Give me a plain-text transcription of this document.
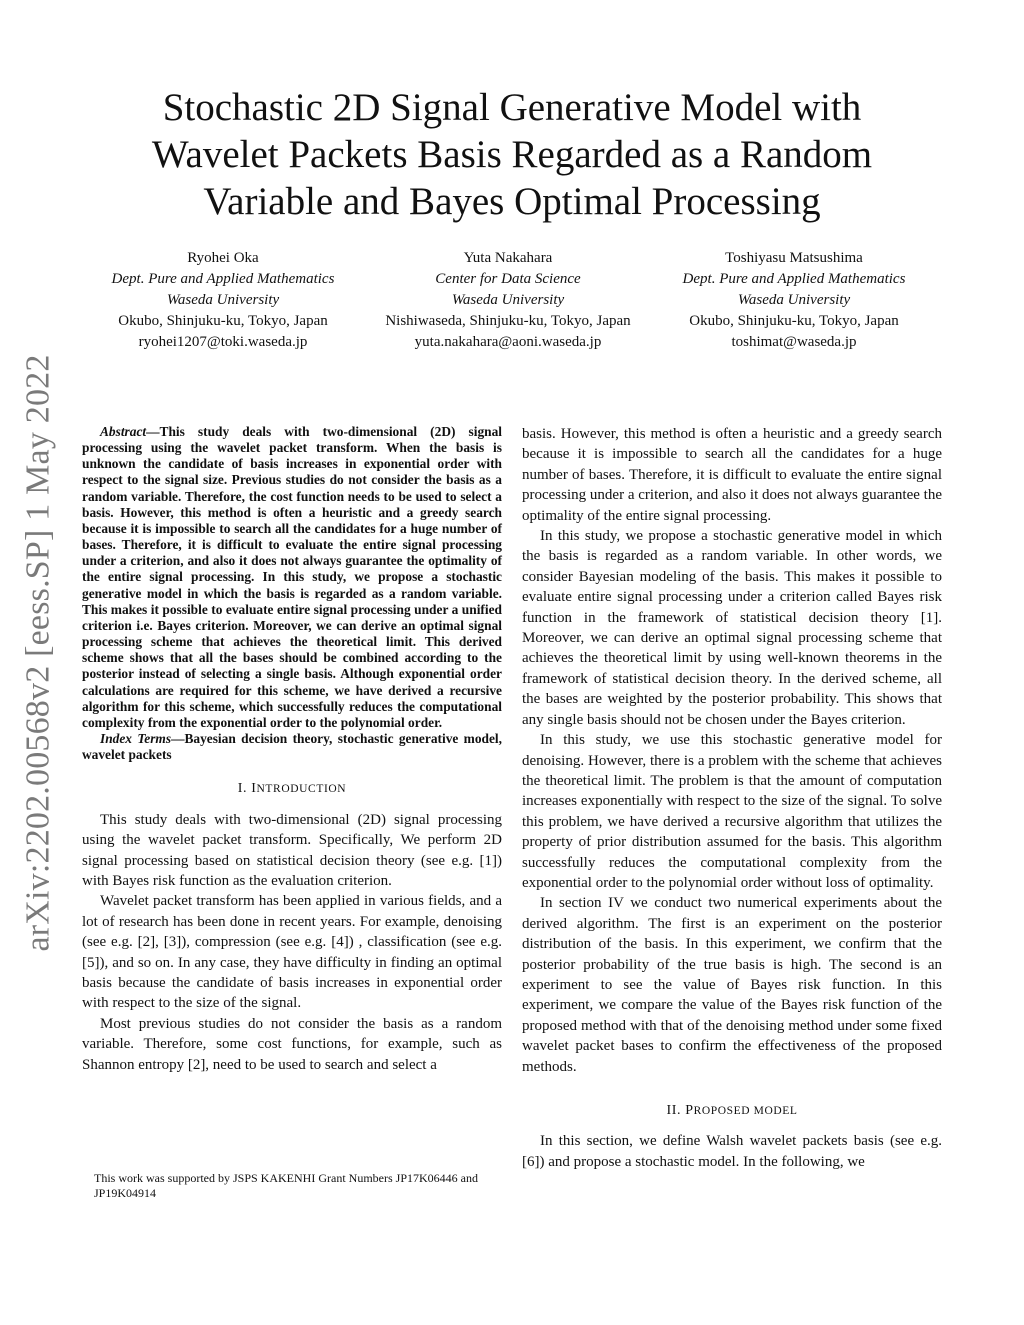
arXiv:2202.00568v2 [eess.SP] 1 May 2022
Stochastic 2D Signal Generative Model with
Wavelet Packets Basis Regarded as a Random
Variable and Bayes Optimal Processing
Ryohei Oka
Dept. Pure and Applied Mathematics
Waseda University
Okubo, Shinjuku-ku, Tokyo, Japan
ryohei1207@toki.waseda.jp
Yuta Nakahara
Center for Data Science
Waseda University
Nishiwaseda, Shinjuku-ku, Tokyo, Japan
yuta.nakahara@aoni.waseda.jp
Toshiyasu Matsushima
Dept. Pure and Applied Mathematics
Waseda University
Okubo, Shinjuku-ku, Tokyo, Japan
toshimat@waseda.jp

Abstract—This study deals with two-dimensional (2D) signal processing using the wavelet packet transform. When the basis is unknown the candidate of basis increases in exponential order with respect to the signal size. Previous studies do not consider the basis as a random variable. Therefore, the cost function needs to be used to select a basis. However, this method is often a heuristic and a greedy search because it is impossible to search all the candidates for a huge number of bases. Therefore, it is difficult to evaluate the entire signal processing under a criterion, and also it does not always guarantee the optimality of the entire signal processing. In this study, we propose a stochastic generative model in which the basis is regarded as a random variable. This makes it possible to evaluate entire signal processing under a unified criterion i.e. Bayes criterion. Moreover, we can derive an optimal signal processing scheme that achieves the theoretical limit. This derived scheme shows that all the bases should be combined according to the posterior instead of selecting a single basis. Although exponential order calculations are required for this scheme, we have derived a recursive algorithm for this scheme, which successfully reduces the computational complexity from the exponential order to the polynomial order.

Index Terms—Bayesian decision theory, stochastic generative model, wavelet packets

I. INTRODUCTION

This study deals with two-dimensional (2D) signal processing using the wavelet packet transform. Specifically, We perform 2D signal processing based on statistical decision theory (see e.g. [1]) with Bayes risk function as the evaluation criterion.

Wavelet packet transform has been applied in various fields, and a lot of research has been done in recent years. For example, denoising (see e.g. [2], [3]), compression (see e.g. [4]) , classification (see e.g. [5]), and so on. In any case, they have difficulty in finding an optimal basis because the candidate of basis increases in exponential order with respect to the size of the signal.

Most previous studies do not consider the basis as a random variable. Therefore, some cost functions, for example, such as Shannon entropy [2], need to be used to search and select a

This work was supported by JSPS KAKENHI Grant Numbers JP17K06446 and JP19K04914

basis. However, this method is often a heuristic and a greedy search because it is impossible to search all the candidates for a huge number of bases. Therefore, it is difficult to evaluate the entire signal processing under a criterion, and also it does not always guarantee the optimality of the entire signal processing.

In this study, we propose a stochastic generative model in which the basis is regarded as a random variable. In other words, we consider Bayesian modeling of the basis. This makes it possible to evaluate entire signal processing under a criterion called Bayes risk function in the framework of statistical decision theory [1]. Moreover, we can derive an optimal signal processing scheme that achieves the theoretical limit by using well-known theorems in the framework of statistical decision theory. In the derived scheme, all the bases are weighted by the posterior probability. This shows that any single basis should not be chosen under the Bayes criterion.

In this study, we use this stochastic generative model for denoising. However, there is a problem with the scheme that achieves the theoretical limit. The problem is that the amount of computation increases exponentially with respect to the size of the signal. To solve this problem, we have derived a recursive algorithm that utilizes the property of prior distribution assumed for the basis. This algorithm successfully reduces the computational complexity from the exponential order to the polynomial order without loss of optimality.

In section IV we conduct two numerical experiments about the derived algorithm. The first is an experiment on the posterior distribution of the basis. In this experiment, we confirm that the posterior probability of the true basis is high. The second is an experiment to see the value of Bayes risk function. In this experiment, we compare the value of the Bayes risk function of the proposed method with that of the denoising method under some fixed wavelet packet bases to confirm the effectiveness of the proposed methods.

II. PROPOSED MODEL

In this section, we define Walsh wavelet packets basis (see e.g. [6]) and propose a stochastic model. In the following, we
